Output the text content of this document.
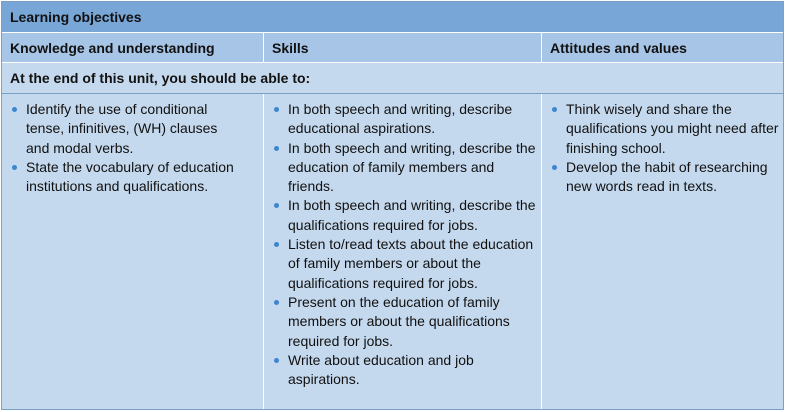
Learning objectives
Knowledge and understanding	Skills	Attitudes and values
At the end of this unit, you should be able to:
Identify the use of conditional tense, infinitives, (WH) clauses and modal verbs.
State the vocabulary of education institutions and qualifications.
In both speech and writing, describe educational aspirations.
In both speech and writing, describe the education of family members and friends.
In both speech and writing, describe the qualifications required for jobs.
Listen to/read texts about the education of family members or about the qualifications required for jobs.
Present on the education of family members or about the qualifications required for jobs.
Write about education and job aspirations.
Think wisely and share the qualifications you might need after finishing school.
Develop the habit of researching new words read in texts.
